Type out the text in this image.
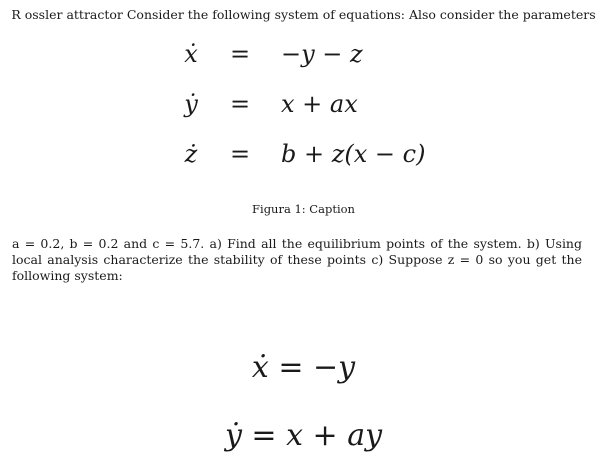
R ossler attractor Consider the following system of equations: Also consider the parameters
ẋ	= −y − z
ẏ	= x + ax
ż	= b + z(x − c)
Figura 1: Caption
a = 0.2, b = 0.2 and c = 5.7. a) Find all the equilibrium points of the system. b) Using local analysis characterize the stability of these points c) Suppose z = 0 so you get the following system:
ẋ = −y
ẏ = x + ay
